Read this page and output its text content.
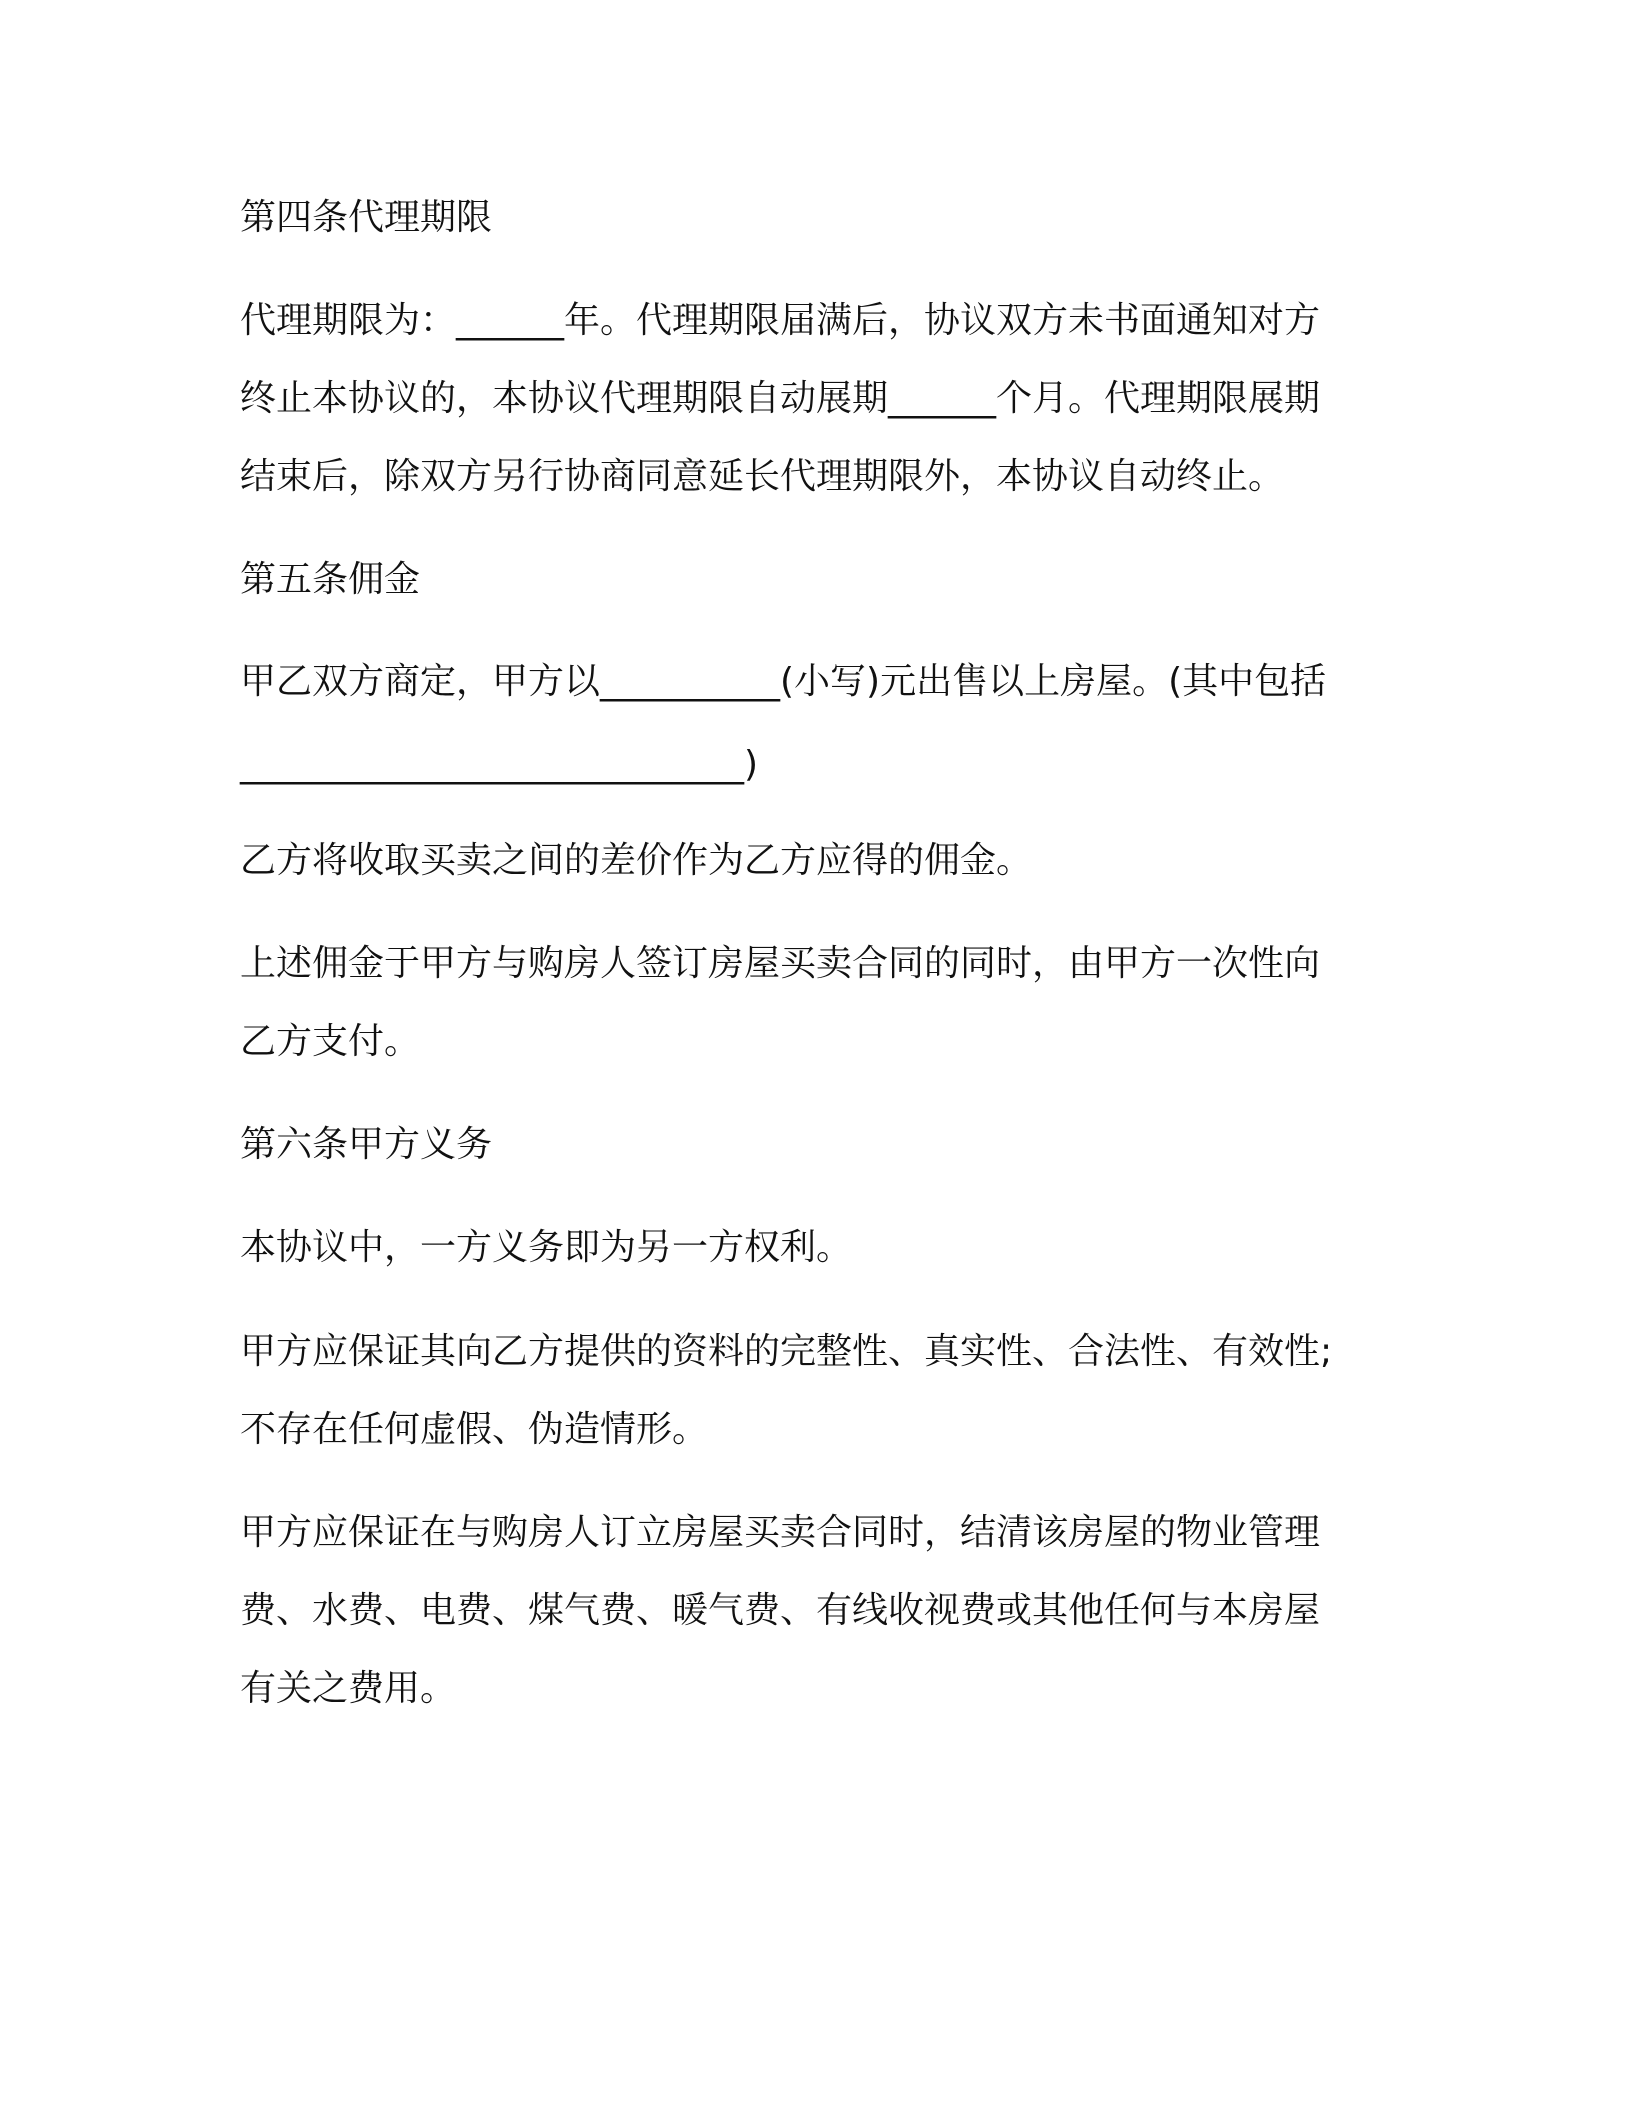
第四条代理期限

代理期限为：______年。代理期限届满后，协议双方未书面通知对方

终止本协议的，本协议代理期限自动展期______个月。代理期限展期

结束后，除双方另行协商同意延长代理期限外，本协议自动终止。

第五条佣金

甲乙双方商定，甲方以__________(小写)元出售以上房屋。(其中包括

____________________________)

乙方将收取买卖之间的差价作为乙方应得的佣金。

上述佣金于甲方与购房人签订房屋买卖合同的同时，由甲方一次性向

乙方支付。

第六条甲方义务

本协议中，一方义务即为另一方权利。

甲方应保证其向乙方提供的资料的完整性、真实性、合法性、有效性;

不存在任何虚假、伪造情形。

甲方应保证在与购房人订立房屋买卖合同时，结清该房屋的物业管理

费、水费、电费、煤气费、暖气费、有线收视费或其他任何与本房屋

有关之费用。
